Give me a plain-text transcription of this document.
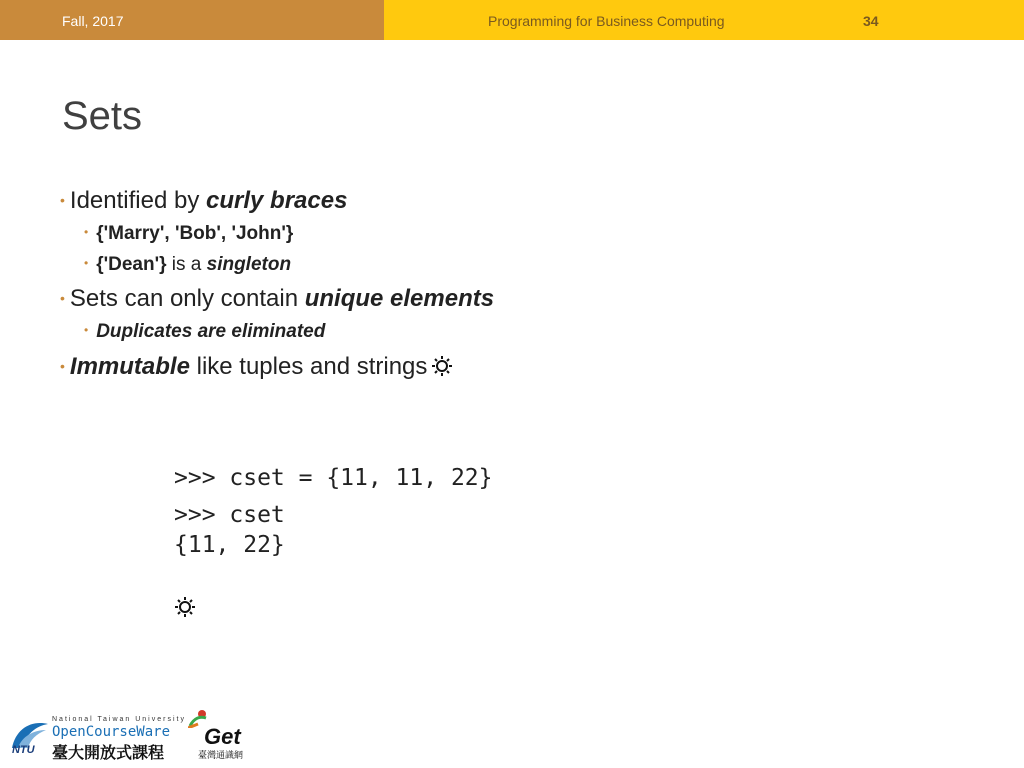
Fall, 2017	Programming for Business Computing	34
Sets
• Identified by curly braces
• {'Marry', 'Bob', 'John'}
• {'Dean'} is a singleton
• Sets can only contain unique elements
• Duplicates are eliminated
• Immutable like tuples and strings
>>> cset = {11, 11, 22}
>>> cset
{11, 22}
NTU
National Taiwan University
OpenCourseWare
臺大開放式課程
Get
臺灣通識網
